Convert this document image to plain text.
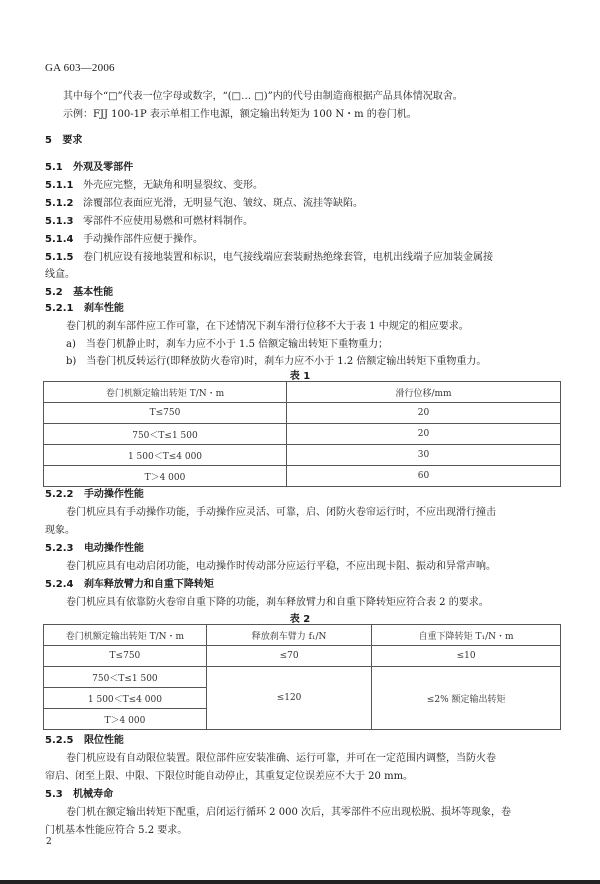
GA 603—2006
其中每个“□”代表一位字母或数字，“(□… □)”内的代号由制造商根据产品具体情况取舍。
示例：FJJ 100-1P 表示单相工作电源，额定输出转矩为 100 N・m 的卷门机。
5 要求
5.1 外观及零部件
5.1.1 外壳应完整，无缺角和明显裂纹、变形。
5.1.2 涂覆部位表面应光滑，无明显气泡、皱纹、斑点、流挂等缺陷。
5.1.3 零部件不应使用易燃和可燃材料制作。
5.1.4 手动操作部件应便于操作。
5.1.5 卷门机应设有接地装置和标识，电气接线端应套装耐热绝缘套管，电机出线端子应加装金属接
线盒。
5.2 基本性能
5.2.1 刹车性能
卷门机的刹车部件应工作可靠，在下述情况下刹车滑行位移不大于表 1 中规定的相应要求。
a)　当卷门机静止时，刹车力应不小于 1.5 倍额定输出转矩下重物重力；
b)　当卷门机反转运行(即释放防火卷帘)时，刹车力应不小于 1.2 倍额定输出转矩下重物重力。
表 1
卷门机额定输出转矩 T/N・m	滑行位移/mm
T≤750	20
750＜T≤1 500	20
1 500＜T≤4 000	30
T＞4 000	60
5.2.2 手动操作性能
卷门机应具有手动操作功能，手动操作应灵活、可靠，启、闭防火卷帘运行时，不应出现滑行撞击
现象。
5.2.3 电动操作性能
卷门机应具有电动启闭功能，电动操作时传动部分应运行平稳，不应出现卡阻、振动和异常声响。
5.2.4 刹车释放臂力和自重下降转矩
卷门机应具有依靠防火卷帘自重下降的功能，刹车释放臂力和自重下降转矩应符合表 2 的要求。
表 2
卷门机额定输出转矩 T/N・m	释放刹车臂力 f₁/N	自重下降转矩 T₁/N・m
T≤750	≤70	≤10
750＜T≤1 500	≤120	≤2% 额定输出转矩
1 500＜T≤4 000		
T＞4 000		
5.2.5 限位性能
卷门机应设有自动限位装置。限位部件应安装准确、运行可靠，并可在一定范围内调整，当防火卷
帘启、闭至上限、中限、下限位时能自动停止，其重复定位误差应不大于 20 mm。
5.3 机械寿命
卷门机在额定输出转矩下配重，启闭运行循环 2 000 次后，其零部件不应出现松脱、损坏等现象，卷
门机基本性能应符合 5.2 要求。
2
